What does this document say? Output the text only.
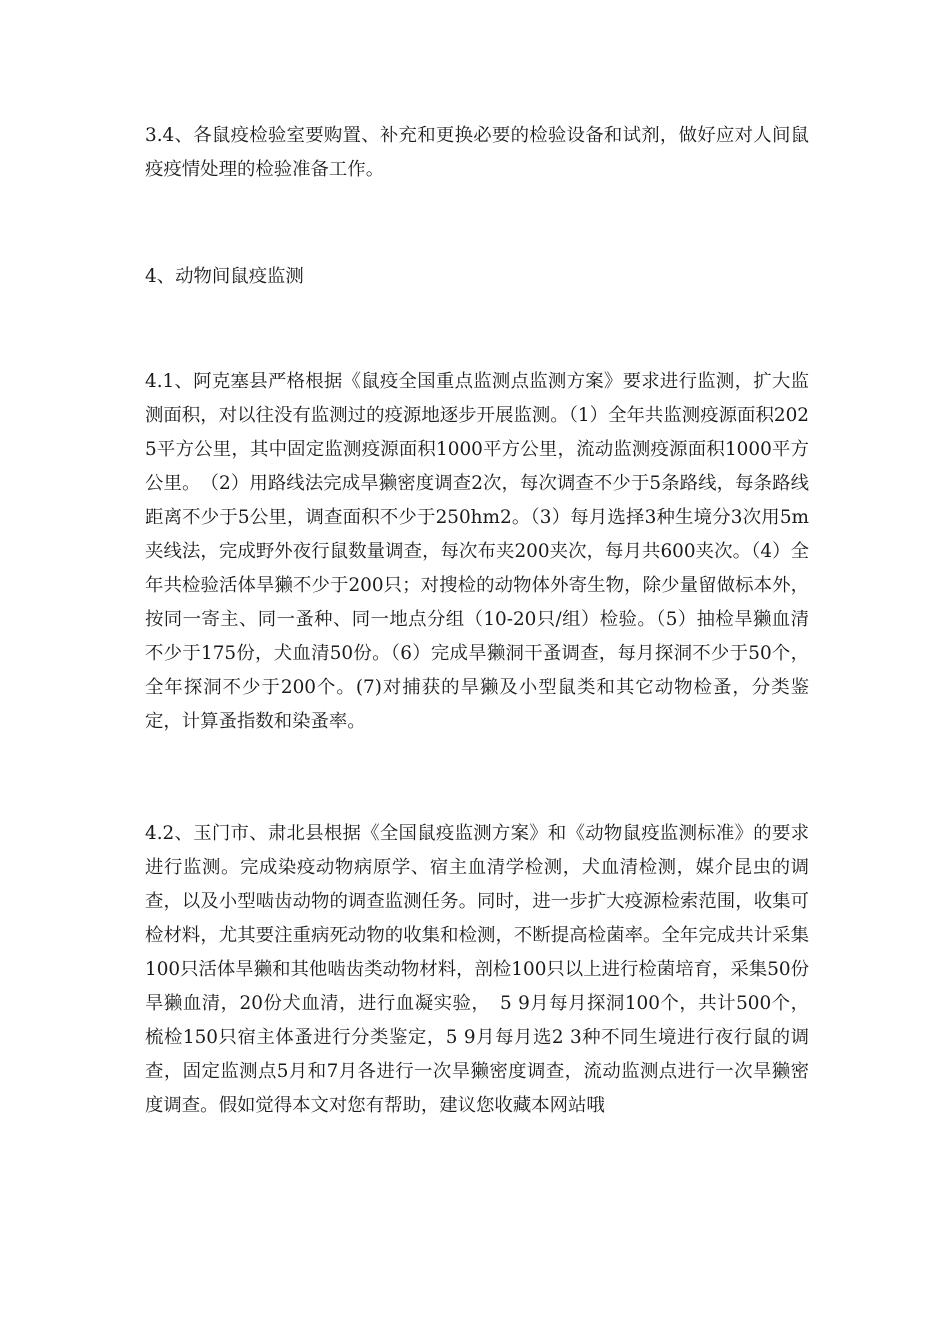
3.4、各鼠疫检验室要购置、补充和更换必要的检验设备和试剂，做好应对人间鼠疫疫情处理的检验准备工作。

4、动物间鼠疫监测

4.1、阿克塞县严格根据《鼠疫全国重点监测点监测方案》要求进行监测，扩大监测面积，对以往没有监测过的疫源地逐步开展监测。（1）全年共监测疫源面积2025平方公里，其中固定监测疫源面积1000平方公里，流动监测疫源面积1000平方公里。　（2）用路线法完成旱獭密度调查2次，每次调查不少于5条路线，每条路线距离不少于5公里，调查面积不少于250hm2。（3）每月选择3种生境分3次用5m夹线法，完成野外夜行鼠数量调查，每次布夹200夹次，每月共600夹次。（4）全年共检验活体旱獭不少于200只；对搜检的动物体外寄生物，除少量留做标本外，按同一寄主、同一蚤种、同一地点分组（10-20只/组）检验。（5）抽检旱獭血清不少于175份，犬血清50份。（6）完成旱獭洞干蚤调查，每月探洞不少于50个，全年探洞不少于200个。(7)对捕获的旱獭及小型鼠类和其它动物检蚤，分类鉴定，计算蚤指数和染蚤率。

4.2、玉门市、肃北县根据《全国鼠疫监测方案》和《动物鼠疫监测标准》的要求进行监测。完成染疫动物病原学、宿主血清学检测，犬血清检测，媒介昆虫的调查，以及小型啮齿动物的调查监测任务。同时，进一步扩大疫源检索范围，收集可检材料，尤其要注重病死动物的收集和检测，不断提高检菌率。全年完成共计采集100只活体旱獭和其他啮齿类动物材料，剖检100只以上进行检菌培育，采集50份旱獭血清，20份犬血清，进行血凝实验，　5 9月每月探洞100个，共计500个，梳检150只宿主体蚤进行分类鉴定，5 9月每月选2 3种不同生境进行夜行鼠的调查，固定监测点5月和7月各进行一次旱獭密度调查，流动监测点进行一次旱獭密度调查。假如觉得本文对您有帮助，建议您收藏本网站哦
